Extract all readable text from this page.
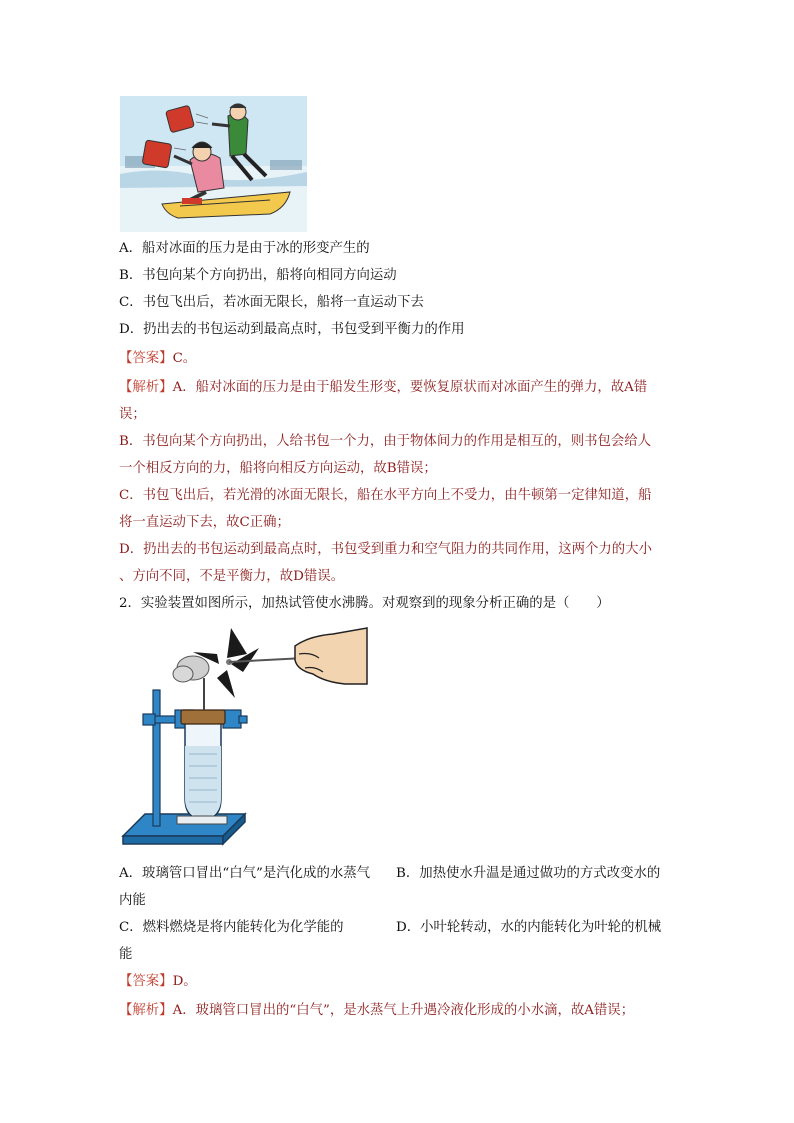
A．船对冰面的压力是由于冰的形变产生的
B．书包向某个方向扔出，船将向相同方向运动
C．书包飞出后，若冰面无限长，船将一直运动下去
D．扔出去的书包运动到最高点时，书包受到平衡力的作用
【答案】C。
【解析】A．船对冰面的压力是由于船发生形变，要恢复原状而对冰面产生的弹力，故A错
误；
B．书包向某个方向扔出，人给书包一个力，由于物体间力的作用是相互的，则书包会给人
一个相反方向的力，船将向相反方向运动，故B错误；
C．书包飞出后，若光滑的冰面无限长，船在水平方向上不受力，由牛顿第一定律知道，船
将一直运动下去，故C正确；
D．扔出去的书包运动到最高点时，书包受到重力和空气阻力的共同作用，这两个力的大小
、方向不同，不是平衡力，故D错误。
2．实验装置如图所示，加热试管使水沸腾。对观察到的现象分析正确的是（　　）
A．玻璃管口冒出“白气”是汽化成的水蒸气 B．加热使水升温是通过做功的方式改变水的
内能
C．燃料燃烧是将内能转化为化学能的	D．小叶轮转动，水的内能转化为叶轮的机械
能
【答案】D。
【解析】A．玻璃管口冒出的“白气”，是水蒸气上升遇冷液化形成的小水滴，故A错误；
